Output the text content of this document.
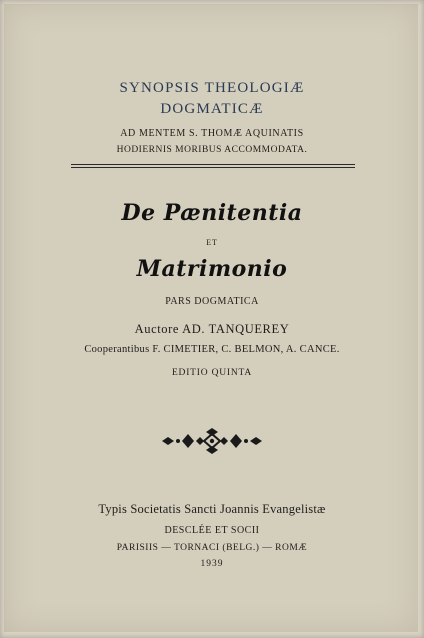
SYNOPSIS THEOLOGIÆ
DOGMATICÆ
AD MENTEM S. THOMÆ AQUINATIS
HODIERNIS MORIBUS ACCOMMODATA.
De Pænitentia
ET
Matrimonio
PARS DOGMATICA
Auctore AD. TANQUEREY
Cooperantibus F. CIMETIER, C. BELMON, A. CANCE.
EDITIO QUINTA
Typis Societatis Sancti Joannis Evangelistæ
DESCLÉE ET SOCII
PARISIIS — TORNACI (BELG.) — ROMÆ
1939
